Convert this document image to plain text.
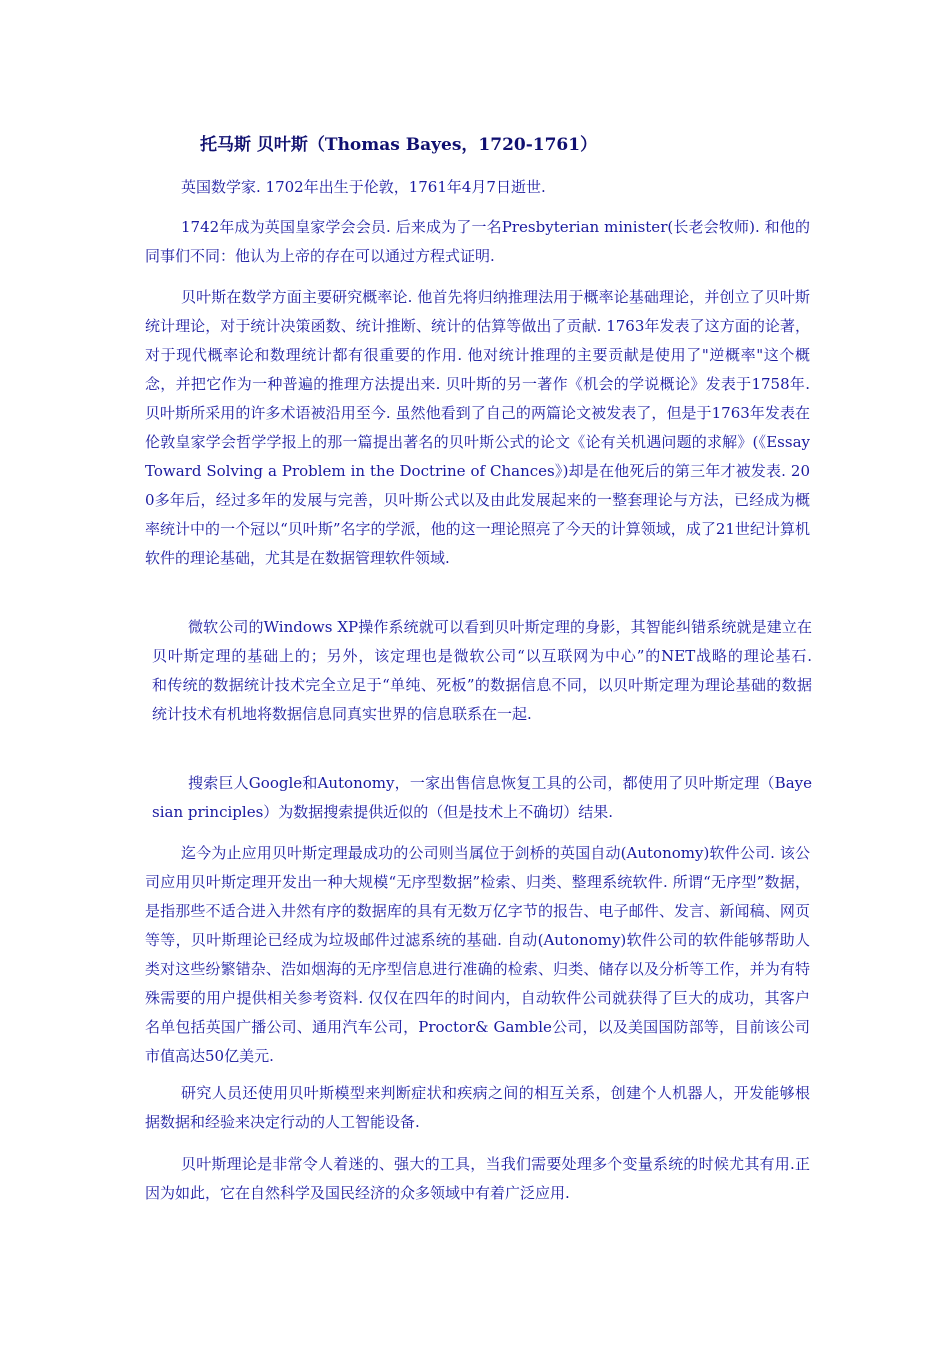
托马斯 贝叶斯（Thomas Bayes，1720-1761）

英国数学家. 1702年出生于伦敦，1761年4月7日逝世.

1742年成为英国皇家学会会员. 后来成为了一名Presbyterian minister(长老会牧师). 和他的同事们不同：他认为上帝的存在可以通过方程式证明.

贝叶斯在数学方面主要研究概率论. 他首先将归纳推理法用于概率论基础理论，并创立了贝叶斯统计理论，对于统计决策函数、统计推断、统计的估算等做出了贡献. 1763年发表了这方面的论著，对于现代概率论和数理统计都有很重要的作用. 他对统计推理的主要贡献是使用了"逆概率"这个概念，并把它作为一种普遍的推理方法提出来. 贝叶斯的另一著作《机会的学说概论》发表于1758年. 贝叶斯所采用的许多术语被沿用至今. 虽然他看到了自己的两篇论文被发表了，但是于1763年发表在伦敦皇家学会哲学学报上的那一篇提出著名的贝叶斯公式的论文《论有关机遇问题的求解》(《Essay Toward Solving a Problem in the Doctrine of Chances》)却是在他死后的第三年才被发表. 200多年后，经过多年的发展与完善，贝叶斯公式以及由此发展起来的一整套理论与方法，已经成为概率统计中的一个冠以“贝叶斯”名字的学派，他的这一理论照亮了今天的计算领域，成了21世纪计算机软件的理论基础，尤其是在数据管理软件领域.

微软公司的Windows XP操作系统就可以看到贝叶斯定理的身影，其智能纠错系统就是建立在贝叶斯定理的基础上的；另外，该定理也是微软公司“以互联网为中心”的NET战略的理论基石.　　和传统的数据统计技术完全立足于“单纯、死板”的数据信息不同，以贝叶斯定理为理论基础的数据统计技术有机地将数据信息同真实世界的信息联系在一起.

搜索巨人Google和Autonomy，一家出售信息恢复工具的公司，都使用了贝叶斯定理（Bayesian principles）为数据搜索提供近似的（但是技术上不确切）结果.

迄今为止应用贝叶斯定理最成功的公司则当属位于剑桥的英国自动(Autonomy)软件公司. 该公司应用贝叶斯定理开发出一种大规模“无序型数据”检索、归类、整理系统软件. 所谓“无序型”数据，是指那些不适合进入井然有序的数据库的具有无数万亿字节的报告、电子邮件、发言、新闻稿、网页等等，贝叶斯理论已经成为垃圾邮件过滤系统的基础. 自动(Autonomy)软件公司的软件能够帮助人类对这些纷繁错杂、浩如烟海的无序型信息进行准确的检索、归类、储存以及分析等工作，并为有特殊需要的用户提供相关参考资料. 仅仅在四年的时间内，自动软件公司就获得了巨大的成功，其客户名单包括英国广播公司、通用汽车公司，Proctor& Gamble公司，以及美国国防部等，目前该公司市值高达50亿美元.

研究人员还使用贝叶斯模型来判断症状和疾病之间的相互关系，创建个人机器人，开发能够根据数据和经验来决定行动的人工智能设备.

贝叶斯理论是非常令人着迷的、强大的工具，当我们需要处理多个变量系统的时候尤其有用.正因为如此，它在自然科学及国民经济的众多领域中有着广泛应用.
